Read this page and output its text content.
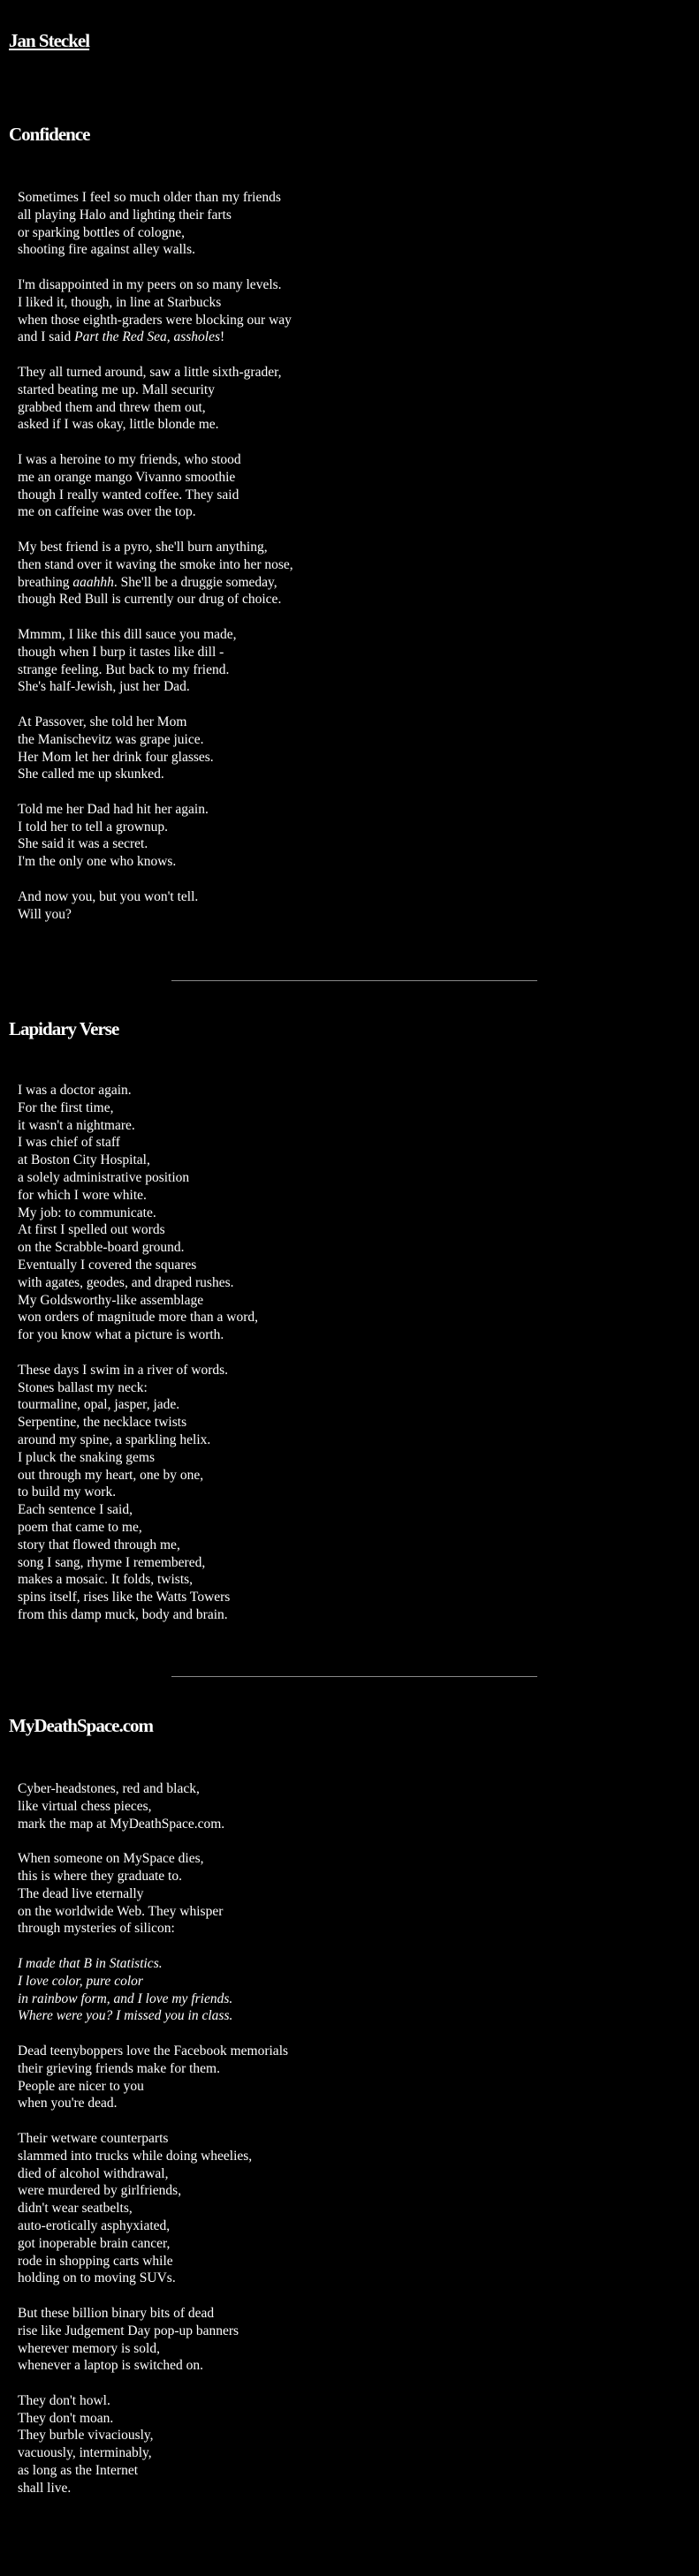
Jan Steckel
Confidence
Sometimes I feel so much older than my friends
all playing Halo and lighting their farts
or sparking bottles of cologne,
shooting fire against alley walls.
I'm disappointed in my peers on so many levels.
I liked it, though, in line at Starbucks
when those eighth-graders were blocking our way
and I said Part the Red Sea, assholes!
They all turned around, saw a little sixth-grader,
started beating me up. Mall security
grabbed them and threw them out,
asked if I was okay, little blonde me.
I was a heroine to my friends, who stood
me an orange mango Vivanno smoothie
though I really wanted coffee. They said
me on caffeine was over the top.
My best friend is a pyro, she'll burn anything,
then stand over it waving the smoke into her nose,
breathing aaahhh. She'll be a druggie someday,
though Red Bull is currently our drug of choice.
Mmmm, I like this dill sauce you made,
though when I burp it tastes like dill -
strange feeling. But back to my friend.
She's half-Jewish, just her Dad.
At Passover, she told her Mom
the Manischevitz was grape juice.
Her Mom let her drink four glasses.
She called me up skunked.
Told me her Dad had hit her again.
I told her to tell a grownup.
She said it was a secret.
I'm the only one who knows.
And now you, but you won't tell.
Will you?
Lapidary Verse
I was a doctor again.
For the first time,
it wasn't a nightmare.
I was chief of staff
at Boston City Hospital,
a solely administrative position
for which I wore white.
My job: to communicate.
At first I spelled out words
on the Scrabble-board ground.
Eventually I covered the squares
with agates, geodes, and draped rushes.
My Goldsworthy-like assemblage
won orders of magnitude more than a word,
for you know what a picture is worth.
These days I swim in a river of words.
Stones ballast my neck:
tourmaline, opal, jasper, jade.
Serpentine, the necklace twists
around my spine, a sparkling helix.
I pluck the snaking gems
out through my heart, one by one,
to build my work.
Each sentence I said,
poem that came to me,
story that flowed through me,
song I sang, rhyme I remembered,
makes a mosaic. It folds, twists,
spins itself, rises like the Watts Towers
from this damp muck, body and brain.
MyDeathSpace.com
Cyber-headstones, red and black,
like virtual chess pieces,
mark the map at MyDeathSpace.com.
When someone on MySpace dies,
this is where they graduate to.
The dead live eternally
on the worldwide Web. They whisper
through mysteries of silicon:
I made that B in Statistics.
I love color, pure color
in rainbow form, and I love my friends.
Where were you? I missed you in class.
Dead teenyboppers love the Facebook memorials
their grieving friends make for them.
People are nicer to you
when you're dead.
Their wetware counterparts
slammed into trucks while doing wheelies,
died of alcohol withdrawal,
were murdered by girlfriends,
didn't wear seatbelts,
auto-erotically asphyxiated,
got inoperable brain cancer,
rode in shopping carts while
holding on to moving SUVs.
But these billion binary bits of dead
rise like Judgement Day pop-up banners
wherever memory is sold,
whenever a laptop is switched on.
They don't howl.
They don't moan.
They burble vivaciously,
vacuously, interminably,
as long as the Internet
shall live.
